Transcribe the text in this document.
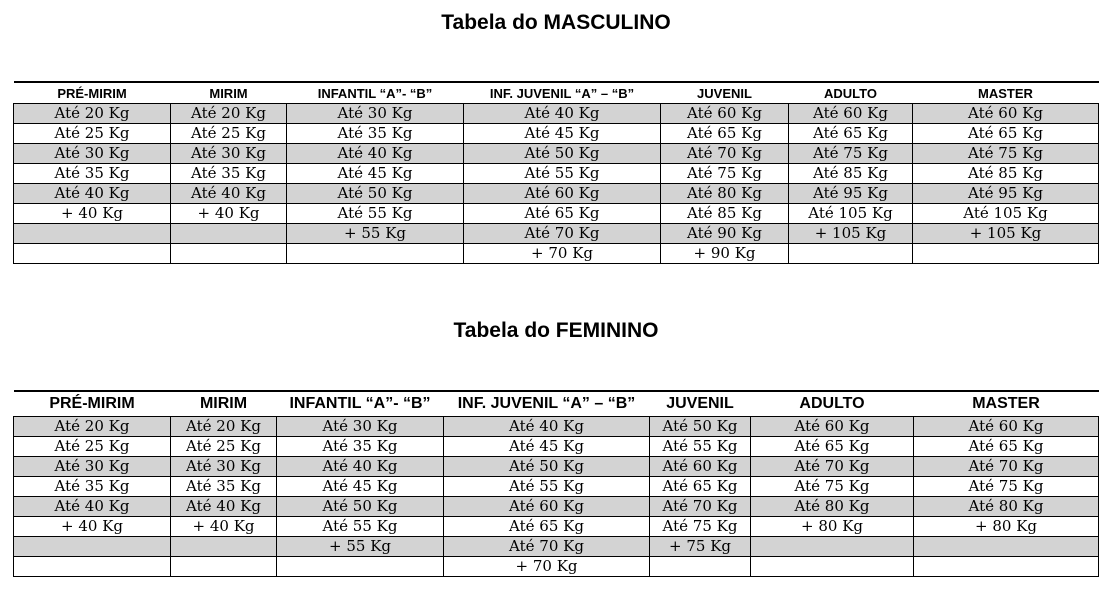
Tabela do MASCULINO
PRÉ-MIRIM	MIRIM	INFANTIL “A”- “B”	INF. JUVENIL “A” – “B”	JUVENIL	ADULTO	MASTER
Até 20 Kg	Até 20 Kg	Até 30 Kg	Até 40 Kg	Até 60 Kg	Até 60 Kg	Até 60 Kg
Até 25 Kg	Até 25 Kg	Até 35 Kg	Até 45 Kg	Até 65 Kg	Até 65 Kg	Até 65 Kg
Até 30 Kg	Até 30 Kg	Até 40 Kg	Até 50 Kg	Até 70 Kg	Até 75 Kg	Até 75 Kg
Até 35 Kg	Até 35 Kg	Até 45 Kg	Até 55 Kg	Até 75 Kg	Até 85 Kg	Até 85 Kg
Até 40 Kg	Até 40 Kg	Até 50 Kg	Até 60 Kg	Até 80 Kg	Até 95 Kg	Até 95 Kg
+ 40 Kg	+ 40 Kg	Até 55 Kg	Até 65 Kg	Até 85 Kg	Até 105 Kg	Até 105 Kg
		+ 55 Kg	Até 70 Kg	Até 90 Kg	+ 105 Kg	+ 105 Kg
			+ 70 Kg	+ 90 Kg		
Tabela do FEMININO
PRÉ-MIRIM	MIRIM	INFANTIL “A”- “B”	INF. JUVENIL “A” – “B”	JUVENIL	ADULTO	MASTER
Até 20 Kg	Até 20 Kg	Até 30 Kg	Até 40 Kg	Até 50 Kg	Até 60 Kg	Até 60 Kg
Até 25 Kg	Até 25 Kg	Até 35 Kg	Até 45 Kg	Até 55 Kg	Até 65 Kg	Até 65 Kg
Até 30 Kg	Até 30 Kg	Até 40 Kg	Até 50 Kg	Até 60 Kg	Até 70 Kg	Até 70 Kg
Até 35 Kg	Até 35 Kg	Até 45 Kg	Até 55 Kg	Até 65 Kg	Até 75 Kg	Até 75 Kg
Até 40 Kg	Até 40 Kg	Até 50 Kg	Até 60 Kg	Até 70 Kg	Até 80 Kg	Até 80 Kg
+ 40 Kg	+ 40 Kg	Até 55 Kg	Até 65 Kg	Até 75 Kg	+ 80 Kg	+ 80 Kg
		+ 55 Kg	Até 70 Kg	+ 75 Kg		
			+ 70 Kg			
